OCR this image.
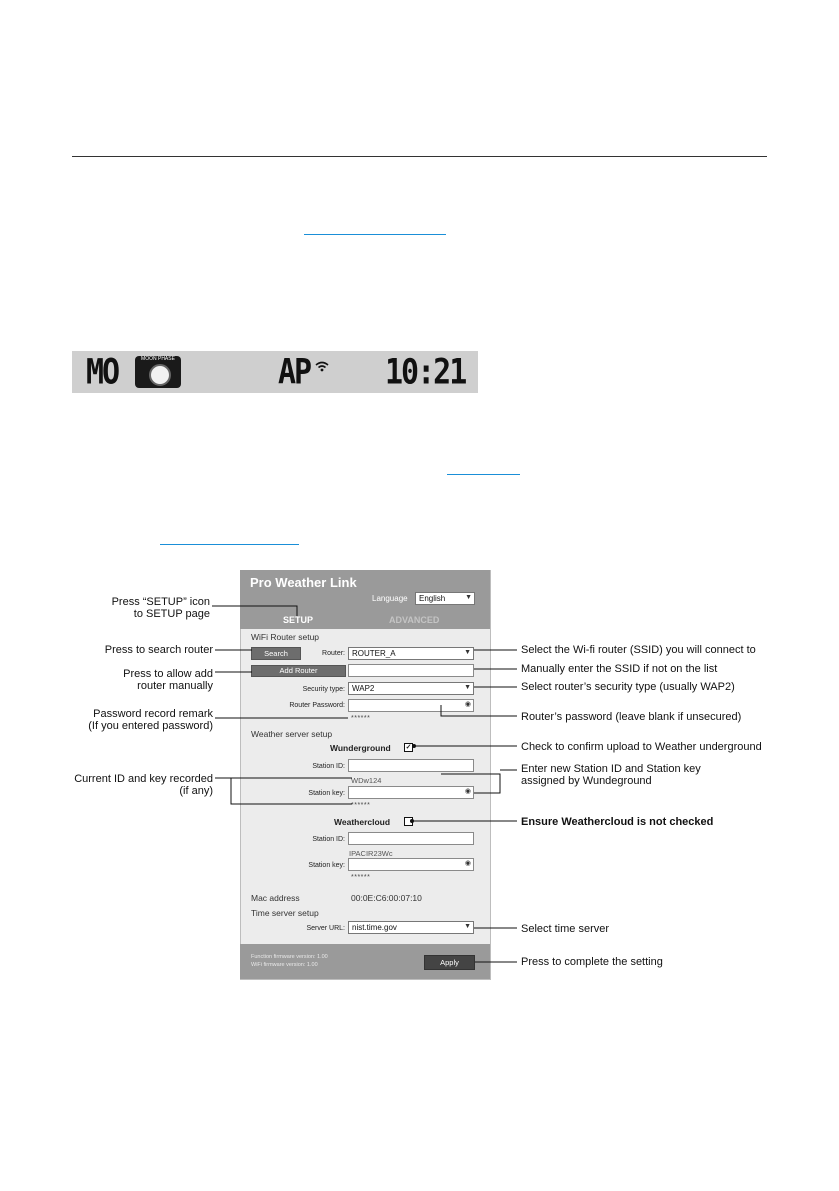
MO	MOON PHASE	AP 10:21
Pro Weather Link
Language	English	▼
SETUP	ADVANCED
WiFi Router setup
Search	Router: ROUTER_A	▼
Add Router
Security type: WAP2	▼
Router Password:	◉
******
Weather server setup
Wunderground ✓
Station ID:
WDw124
Station key:	◉
******
Weathercloud
Station ID:
IPACIR23Wc
Station key:	◉
******
Mac address	00:0E:C6:00:07:10
Time server setup
Server URL: nist.time.gov	▼
Function firmware version: 1.00
WiFi firmware version: 1.00	Apply
Press “SETUP” icon
to SETUP page
Press to search router
Press to allow add
router manually
Password record remark
(If you entered password)
Current ID and key recorded
(if any)
Select the Wi-fi router (SSID) you will connect to
Manually enter the SSID if not on the list
Select router’s security type (usually WAP2)
Router’s password (leave blank if unsecured)
Check to confirm upload to Weather underground
Enter new Station ID and Station key
assigned by Wundeground
Ensure Weathercloud is not checked
Select time server
Press to complete the setting
